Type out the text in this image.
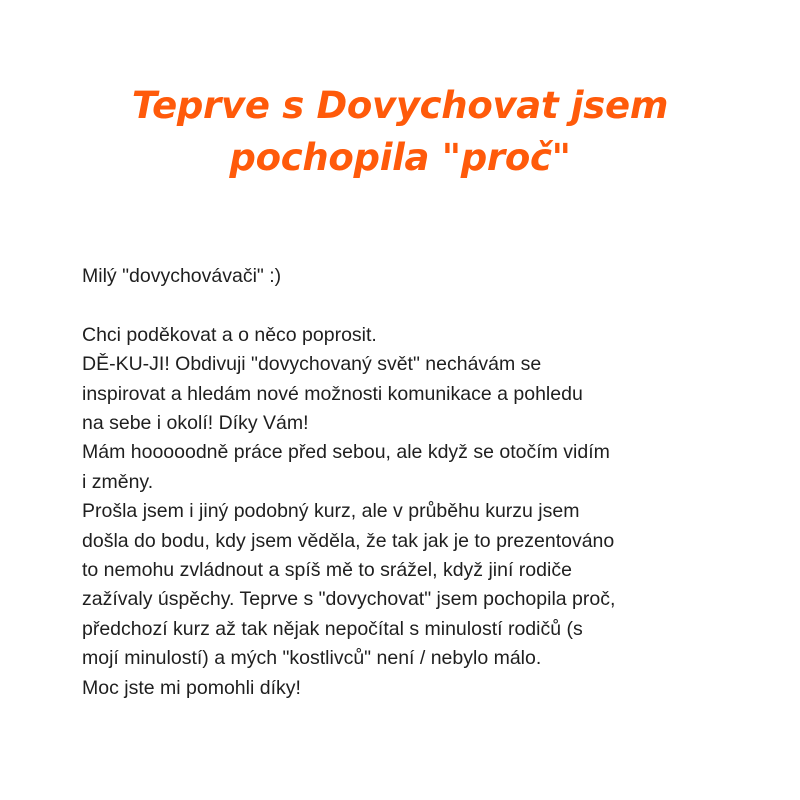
Teprve s Dovychovat jsem
pochopila "proč"

Milý "dovychovávači" :)

Chci poděkovat a o něco poprosit.
DĚ-KU-JI! Obdivuji "dovychovaný svět" nechávám se
inspirovat a hledám nové možnosti komunikace a pohledu
na sebe i okolí! Díky Vám!
Mám hooooodně práce před sebou, ale když se otočím vidím
i změny.
Prošla jsem i jiný podobný kurz, ale v průběhu kurzu jsem
došla do bodu, kdy jsem věděla, že tak jak je to prezentováno
to nemohu zvládnout a spíš mě to srážel, když jiní rodiče
zažívaly úspěchy. Teprve s "dovychovat" jsem pochopila proč,
předchozí kurz až tak nějak nepočítal s minulostí rodičů (s
mojí minulostí) a mých "kostlivců" není / nebylo málo.
Moc jste mi pomohli díky!
